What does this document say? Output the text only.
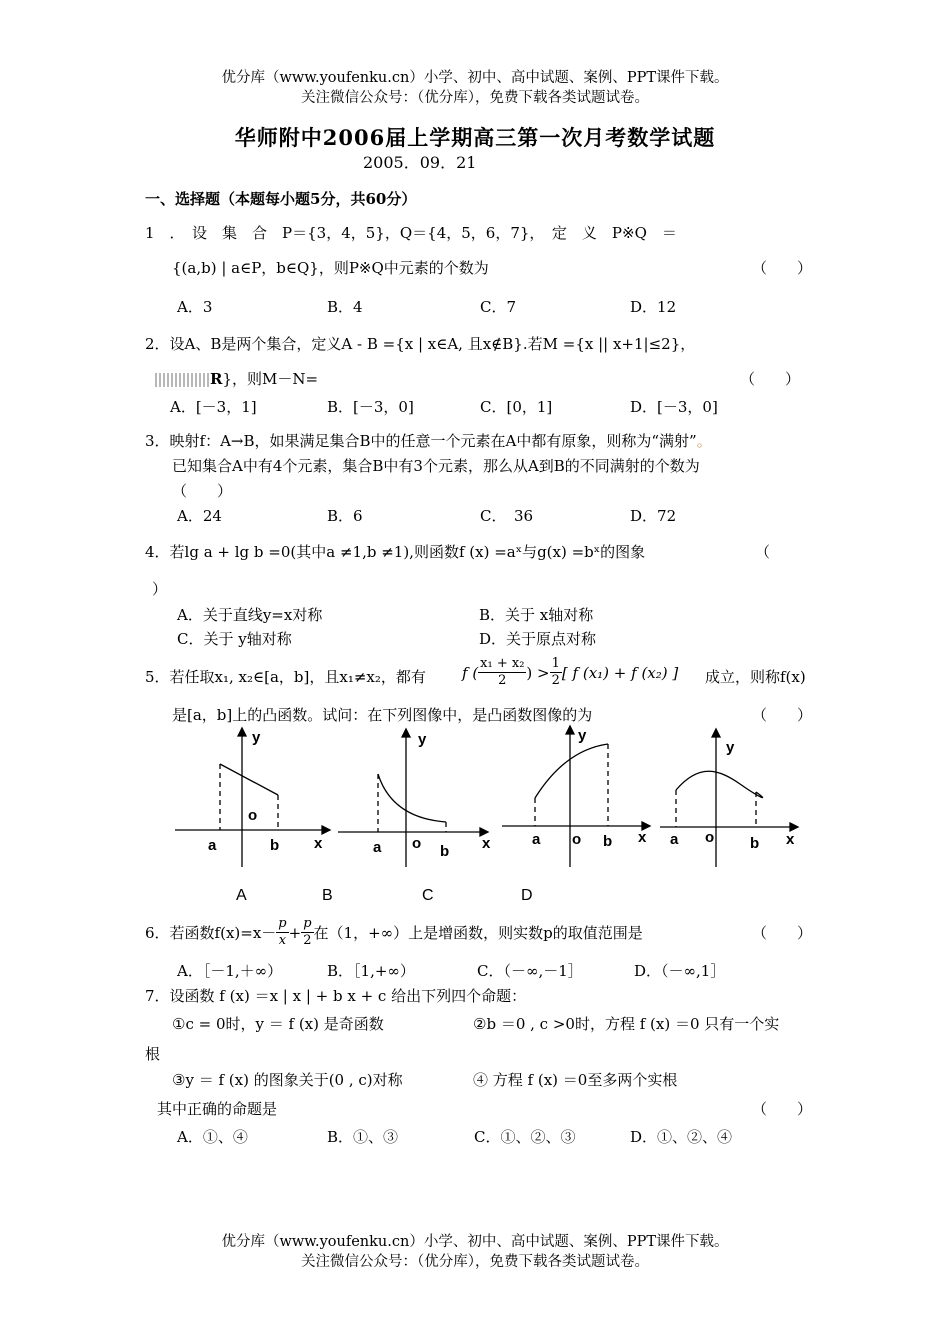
优分库（www.youfenku.cn）小学、初中、高中试题、案例、PPT课件下载。
关注微信公众号：（优分库），免费下载各类试题试卷。
华师附中2006届上学期高三第一次月考数学试题
2005．09．21
一、选择题（本题每小题5分，共60分）
1　．　设　集　合　P＝{3，4，5}，Q＝{4，5，6，7}，　定　义　P※Q　＝
{(a,b) | a∈P，b∈Q}，则P※Q中元素的个数为	（　　）
A．3	B．4	C．7	D．12
2．设A、B是两个集合，定义A - B ={x | x∈A, 且x∉B}.若M ={x || x+1|≤2}，
R}，则M－N=	（　　）
A．[－3，1]	B．[－3，0]	C．[0，1]	D．[－3，0]
3．映射f：A→B，如果满足集合B中的任意一个元素在A中都有原象，则称为“满射”。
已知集合A中有4个元素，集合B中有3个元素，那么从A到B的不同满射的个数为
（　　）
A．24	B．6	C．　36	D．72
4．若lg a + lg b =0(其中a ≠1,b ≠1),则函数f (x) =aˣ与g(x) =bˣ的图象	（
）
A．关于直线y=x对称	B．关于 x轴对称
C．关于 y轴对称	D．关于原点对称
5．若任取x₁, x₂∈[a，b]，且x₁≠x₂，都有 f ( $\frac{\text{x₁ + x₂}}{2}$ ) > $\frac{1}{2}$ [ f (x₁) + f (x₂) ] 成立，则称f(x)
是[a，b]上的凸函数。试问：在下列图像中，是凸函数图像的为	（　　）
y
x
a	b
o
y
x
a	b
o
y
x
a	b
o
y
x
a	b
o
A	B	C	D
6．若函数$f(x)=x- \frac{p}{x} + \frac{p}{2}$ 在（1，+∞）上是增函数，则实数p的取值范围是	（　　）
A．［－1,＋∞）	B．［1,+∞）	C．（－∞,－1］	D．（－∞,1］
7．设函数 f (x) ＝x | x | + b x + c 给出下列四个命题：
①c = 0时，y ＝ f (x) 是奇函数	②b ＝0 , c >0时，方程 f (x) ＝0 只有一个实
根
③y ＝ f (x) 的图象关于(0 , c)对称	④ 方程 f (x) ＝0至多两个实根
其中正确的命题是	（　　）
A．①、④	B．①、③	C．①、②、③	D．①、②、④
优分库（www.youfenku.cn）小学、初中、高中试题、案例、PPT课件下载。
关注微信公众号：（优分库），免费下载各类试题试卷。
